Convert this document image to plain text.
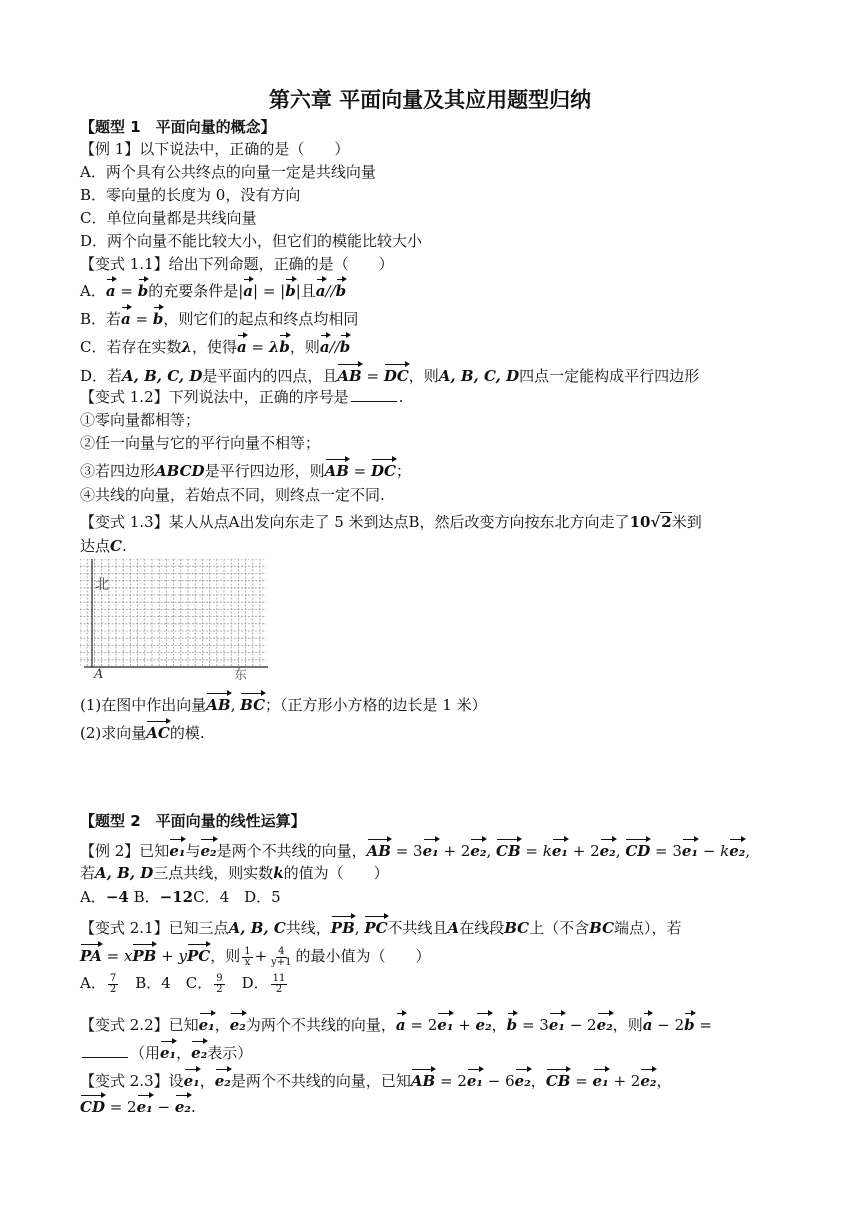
第六章 平面向量及其应用题型归纳
【题型 1　平面向量的概念】
【例 1】以下说法中，正确的是（　　）
A．两个具有公共终点的向量一定是共线向量
B．零向量的长度为 0，没有方向
C．单位向量都是共线向量
D．两个向量不能比较大小，但它们的模能比较大小
【变式 1.1】给出下列命题，正确的是（　　）
A．a = b的充要条件是|a| = |b|且a//b
B．若a = b，则它们的起点和终点均相同
C．若存在实数λ，使得a = λb，则a//b
D．若A, B, C, D是平面内的四点，且AB = DC，则A, B, C, D四点一定能构成平行四边形
【变式 1.2】下列说法中，正确的序号是	.
①零向量都相等；
②任一向量与它的平行向量不相等；
③若四边形ABCD是平行四边形，则AB = DC；
④共线的向量，若始点不同，则终点一定不同.
【变式 1.3】某人从点A出发向东走了 5 米到达点B，然后改变方向按东北方向走了10√2米到
达点C.
北
A	东
(1)在图中作出向量AB, BC；（正方形小方格的边长是 1 米）
(2)求向量AC的模.
【题型 2　平面向量的线性运算】
【例 2】已知e₁与e₂是两个不共线的向量，AB = 3e₁ + 2e₂, CB = ke₁ + 2e₂, CD = 3e₁ − ke₂,
若A, B, D三点共线，则实数k的值为（　　）
A．−4 B．−12C．4　D．5
【变式 2.1】已知三点A, B, C共线，PB, PC不共线且A在线段BC上（不含BC端点），若
PA = xPB + yPC，则 $\frac{1}{x} + \frac{4}{y+1}$ 的最小值为（　　）
A． $\frac{7}{2}$ 　B．4　C． $\frac{9}{2}$ 　D． $\frac{11}{2}$
【变式 2.2】已知e₁，e₂为两个不共线的向量，a = 2e₁ + e₂，b = 3e₁ − 2e₂，则a − 2b =
（用e₁，e₂表示）
【变式 2.3】设e₁，e₂是两个不共线的向量，已知AB = 2e₁ − 6e₂，CB = e₁ + 2e₂，
CD = 2e₁ − e₂.
